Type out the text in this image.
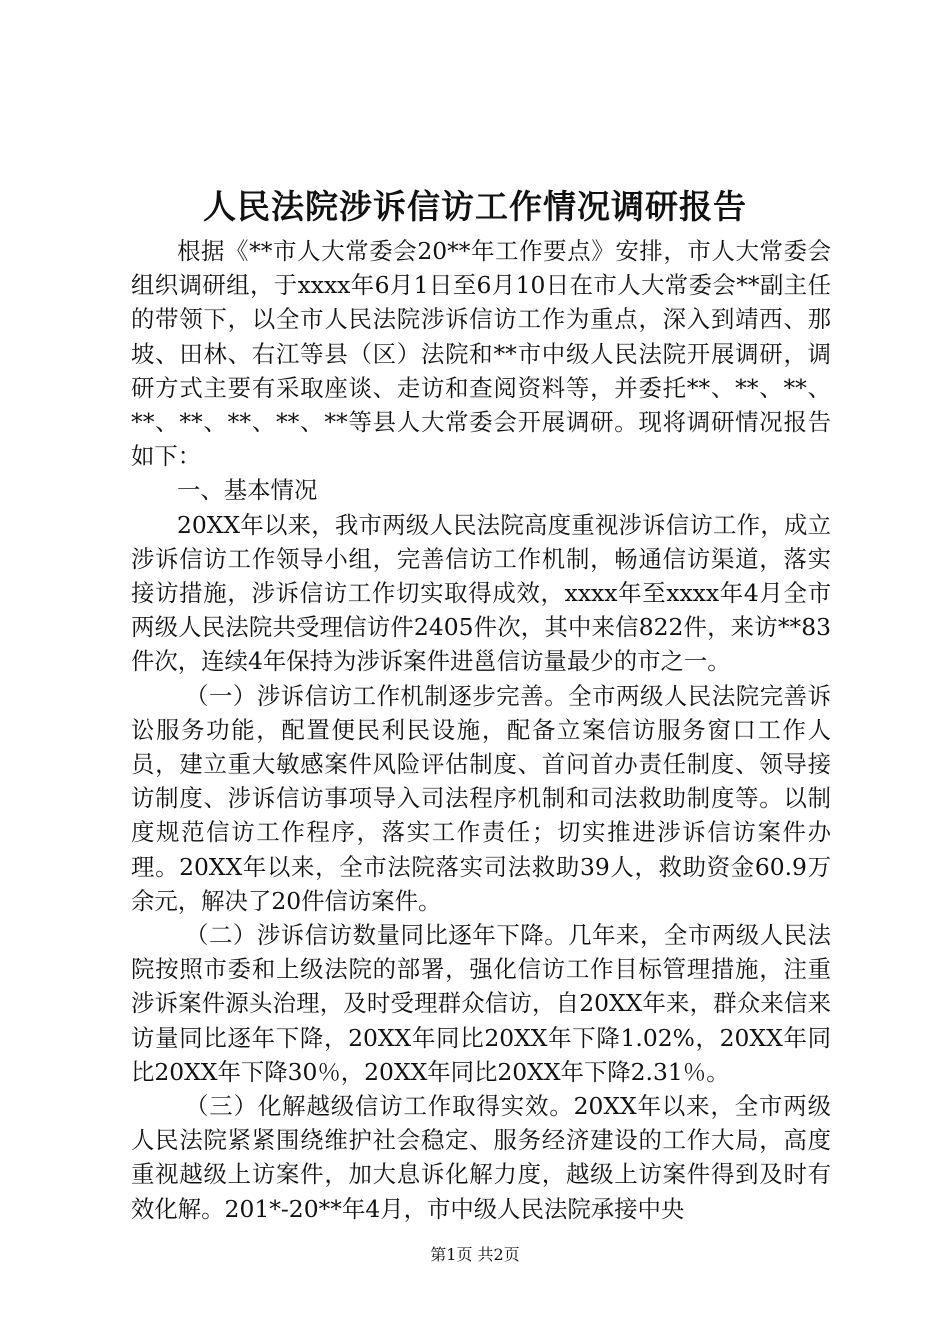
人民法院涉诉信访工作情况调研报告

根据《**市人大常委会20**年工作要点》安排，市人大常委会组织调研组，于xxxx年6月1日至6月10日在市人大常委会**副主任的带领下，以全市人民法院涉诉信访工作为重点，深入到靖西、那坡、田林、右江等县（区）法院和**市中级人民法院开展调研，调研方式主要有采取座谈、走访和查阅资料等，并委托**、**、**、**、**、**、**、**等县人大常委会开展调研。现将调研情况报告如下：

一、基本情况

20XX年以来，我市两级人民法院高度重视涉诉信访工作，成立涉诉信访工作领导小组，完善信访工作机制，畅通信访渠道，落实接访措施，涉诉信访工作切实取得成效，xxxx年至xxxx年4月全市两级人民法院共受理信访件2405件次，其中来信822件，来访**83件次，连续4年保持为涉诉案件进邕信访量最少的市之一。

（一）涉诉信访工作机制逐步完善。全市两级人民法院完善诉讼服务功能，配置便民利民设施，配备立案信访服务窗口工作人员，建立重大敏感案件风险评估制度、首问首办责任制度、领导接访制度、涉诉信访事项导入司法程序机制和司法救助制度等。以制度规范信访工作程序，落实工作责任；切实推进涉诉信访案件办理。20XX年以来，全市法院落实司法救助39人，救助资金60.9万余元，解决了20件信访案件。

（二）涉诉信访数量同比逐年下降。几年来，全市两级人民法院按照市委和上级法院的部署，强化信访工作目标管理措施，注重涉诉案件源头治理，及时受理群众信访，自20XX年来，群众来信来访量同比逐年下降，20XX年同比20XX年下降1.02%，20XX年同比20XX年下降30％，20XX年同比20XX年下降2.31％。

（三）化解越级信访工作取得实效。20XX年以来，全市两级人民法院紧紧围绕维护社会稳定、服务经济建设的工作大局，高度重视越级上访案件，加大息诉化解力度，越级上访案件得到及时有效化解。201*-20**年4月，市中级人民法院承接中央

第1页 共2页
